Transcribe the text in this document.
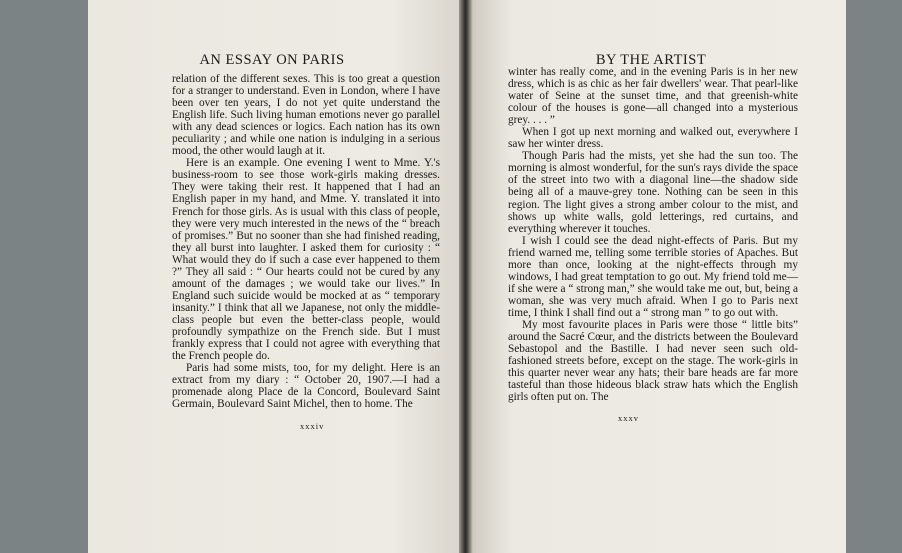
AN ESSAY ON PARIS

relation of the different sexes. This is too great a question for a stranger to understand. Even in London, where I have been over ten years, I do not yet quite understand the English life. Such living human emotions never go parallel with any dead sciences or logics. Each nation has its own peculiarity ; and while one nation is indulging in a serious mood, the other would laugh at it.

Here is an example. One evening I went to Mme. Y.'s business-room to see those work-girls making dresses. They were taking their rest. It happened that I had an English paper in my hand, and Mme. Y. translated it into French for those girls. As is usual with this class of people, they were very much interested in the news of the “ breach of promises.” But no sooner than she had finished reading, they all burst into laughter. I asked them for curiosity : “ What would they do if such a case ever happened to them ?” They all said : “ Our hearts could not be cured by any amount of the damages ; we would take our lives.” In England such suicide would be mocked at as “ temporary insanity.” I think that all we Japanese, not only the middle-class people but even the better-class people, would profoundly sympathize on the French side. But I must frankly express that I could not agree with everything that the French people do.

Paris had some mists, too, for my delight. Here is an extract from my diary : “ October 20, 1907.—I had a promenade along Place de la Concord, Boulevard Saint Germain, Boulevard Saint Michel, then to home. The

xxxiv
BY THE ARTIST

winter has really come, and in the evening Paris is in her new dress, which is as chic as her fair dwellers' wear. That pearl-like water of Seine at the sunset time, and that greenish-white colour of the houses is gone—all changed into a mysterious grey. . . . ”

When I got up next morning and walked out, everywhere I saw her winter dress.

Though Paris had the mists, yet she had the sun too. The morning is almost wonderful, for the sun's rays divide the space of the street into two with a diagonal line—the shadow side being all of a mauve-grey tone. Nothing can be seen in this region. The light gives a strong amber colour to the mist, and shows up white walls, gold letterings, red curtains, and everything wherever it touches.

I wish I could see the dead night-effects of Paris. But my friend warned me, telling some terrible stories of Apaches. But more than once, looking at the night-effects through my windows, I had great temptation to go out. My friend told me—if she were a “ strong man,” she would take me out, but, being a woman, she was very much afraid. When I go to Paris next time, I think I shall find out a “ strong man ” to go out with.

My most favourite places in Paris were those “ little bits” around the Sacré Cœur, and the districts between the Boulevard Sebastopol and the Bastille. I had never seen such old-fashioned streets before, except on the stage. The work-girls in this quarter never wear any hats; their bare heads are far more tasteful than those hideous black straw hats which the English girls often put on. The

xxxv
